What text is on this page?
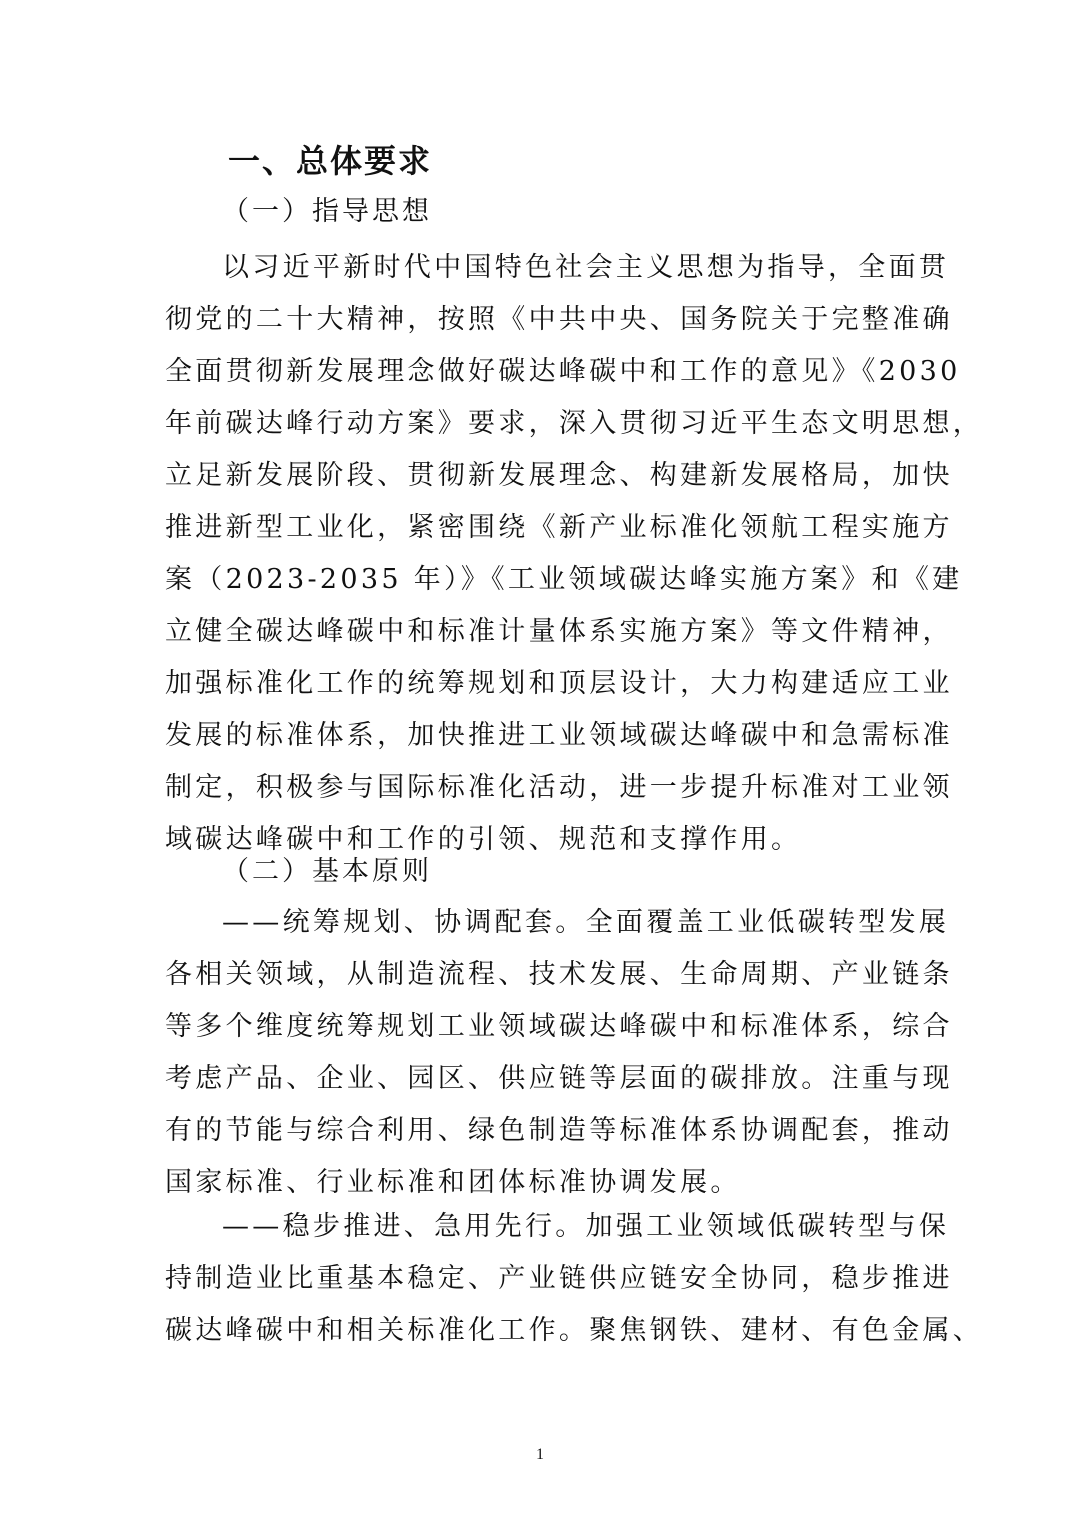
一、总体要求
（一）指导思想
以习近平新时代中国特色社会主义思想为指导，全面贯
彻党的二十大精神，按照《中共中央、国务院关于完整准确
全面贯彻新发展理念做好碳达峰碳中和工作的意见》《2030
年前碳达峰行动方案》要求，深入贯彻习近平生态文明思想，
立足新发展阶段、贯彻新发展理念、构建新发展格局，加快
推进新型工业化，紧密围绕《新产业标准化领航工程实施方
案（2023-2035 年）》《工业领域碳达峰实施方案》和《建
立健全碳达峰碳中和标准计量体系实施方案》等文件精神，
加强标准化工作的统筹规划和顶层设计，大力构建适应工业
发展的标准体系，加快推进工业领域碳达峰碳中和急需标准
制定，积极参与国际标准化活动，进一步提升标准对工业领
域碳达峰碳中和工作的引领、规范和支撑作用。
（二）基本原则
——统筹规划、协调配套。全面覆盖工业低碳转型发展
各相关领域，从制造流程、技术发展、生命周期、产业链条
等多个维度统筹规划工业领域碳达峰碳中和标准体系，综合
考虑产品、企业、园区、供应链等层面的碳排放。注重与现
有的节能与综合利用、绿色制造等标准体系协调配套，推动
国家标准、行业标准和团体标准协调发展。
——稳步推进、急用先行。加强工业领域低碳转型与保
持制造业比重基本稳定、产业链供应链安全协同，稳步推进
碳达峰碳中和相关标准化工作。聚焦钢铁、建材、有色金属、
1
